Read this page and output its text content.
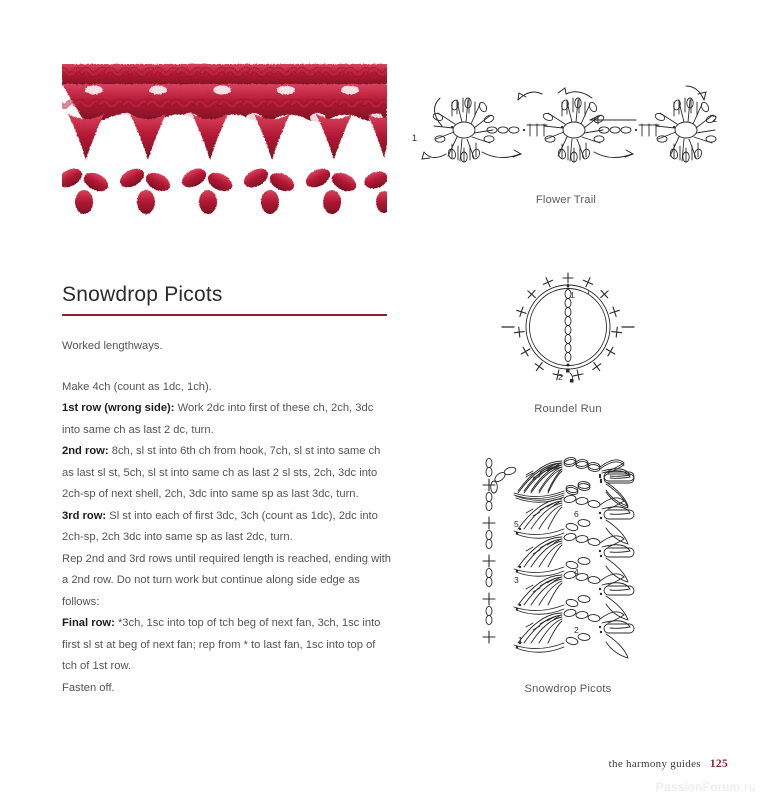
Snowdrop Picots

Worked lengthways.

Make 4ch (count as 1dc, 1ch).

1st row (wrong side): Work 2dc into first of these ch, 2ch, 3dc into same ch as last 2 dc, turn.

2nd row: 8ch, sl st into 6th ch from hook, 7ch, sl st into same ch as last sl st, 5ch, sl st into same ch as last 2 sl sts, 2ch, 3dc into 2ch-sp of next shell, 2ch, 3dc into same sp as last 3dc, turn.

3rd row: Sl st into each of first 3dc, 3ch (count as 1dc), 2dc into 2ch-sp, 2ch 3dc into same sp as last 2dc, turn.

Rep 2nd and 3rd rows until required length is reached, ending with a 2nd row. Do not turn work but continue along side edge as follows:

Final row: *3ch, 1sc into top of tch beg of next fan, 3ch, 1sc into first sl st at beg of next fan; rep from * to last fan, 1sc into top of tch of 1st row.

Fasten off.

1
2
Flower Trail
1
2
Roundel Run
1
2
3
4
5
6
Snowdrop Picots
the harmony guides 125
PassionForum.ru
